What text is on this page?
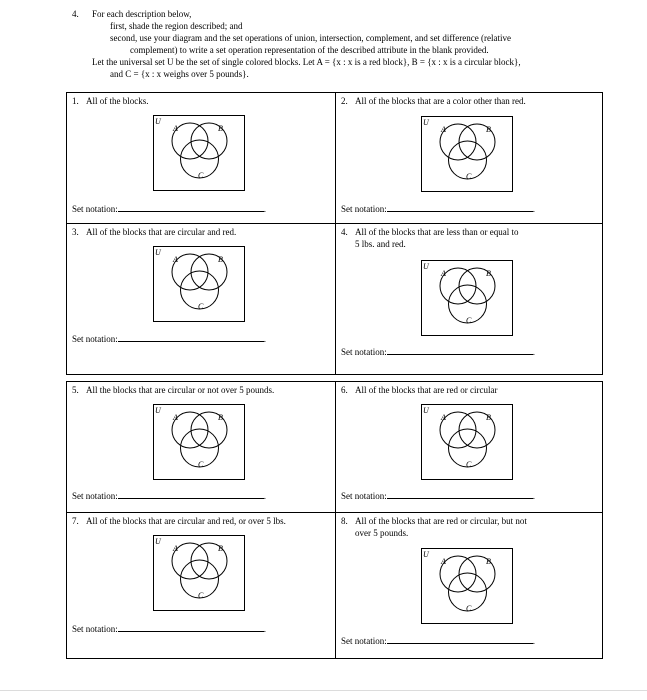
4. For each description below,
first, shade the region described; and
second, use your diagram and the set operations of union, intersection, complement, and set difference (relative
complement) to write a set operation representation of the described attribute in the blank provided.
Let the universal set U be the set of single colored blocks. Let A = {x : x is a red block}, B = {x : x is a circular block},
and C = {x : x weighs over 5 pounds}.
1. All of the blocks.
U
A	B
C
Set notation:	.
2. All of the blocks that are a color other than red.
U
A	B
C
Set notation:	.
3. All of the blocks that are circular and red.
U
A	B
C
Set notation:	.
4. All of the blocks that are less than or equal to
5 lbs. and red.
U
A	B
C
Set notation:	.
5. All the blocks that are circular or not over 5 pounds.
U
A	B
C
Set notation:	.
6. All of the blocks that are red or circular
U
A	B
C
Set notation:	.
7. All of the blocks that are circular and red, or over 5 lbs.
U
A	B
C
Set notation:	.
8. All of the blocks that are red or circular, but not
over 5 pounds.
U
A	B
C
Set notation:	.
